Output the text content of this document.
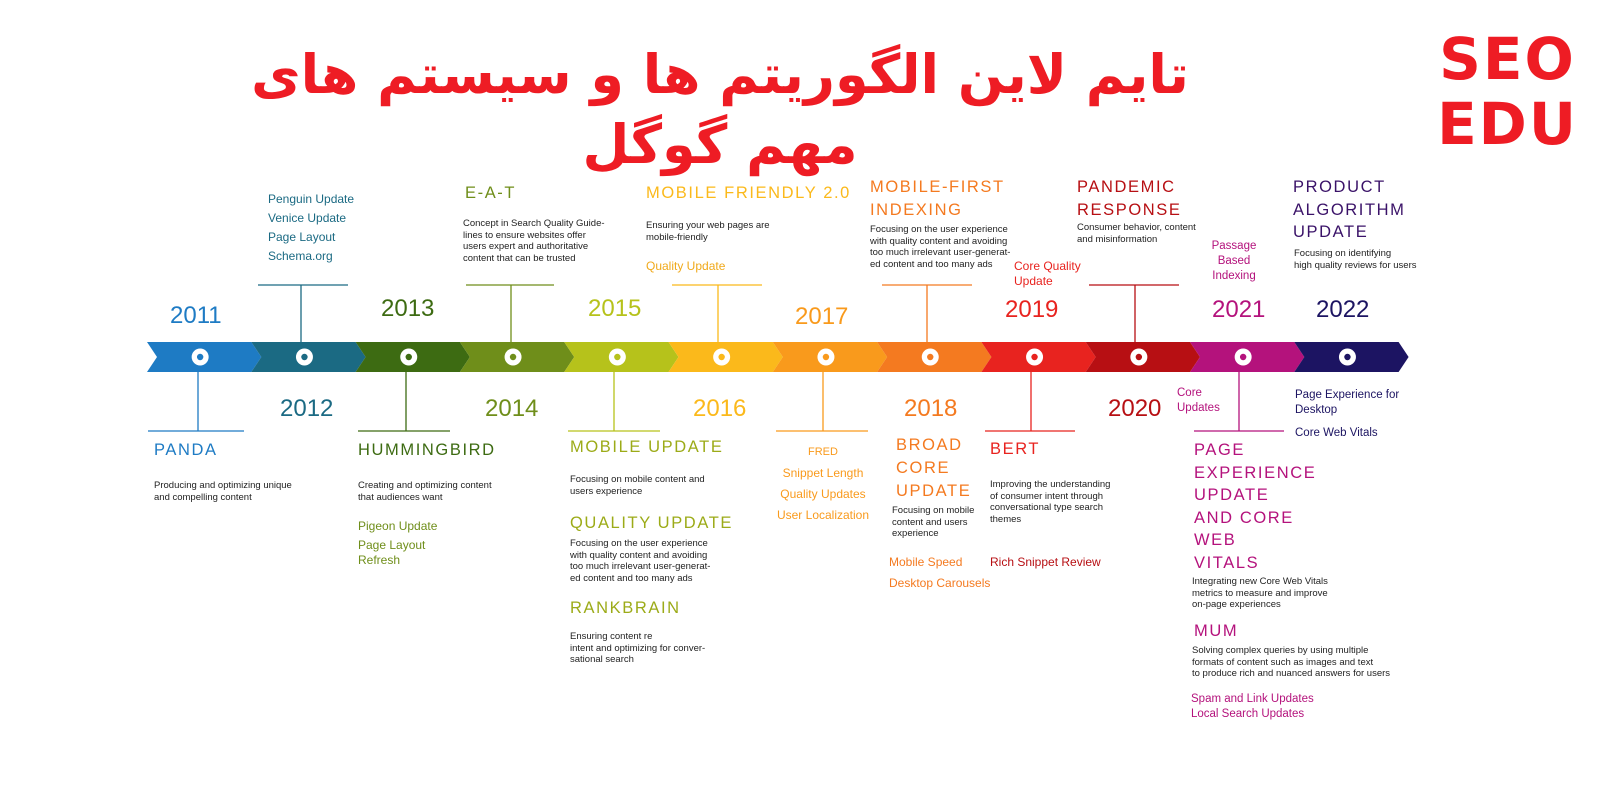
تایم لاین الگوریتم ها و سیستم های مهم گوگل
SEO
EDU
2011
PANDA
Producing and optimizing unique
and compelling content
Penguin Update
Venice Update
Page Layout
Schema.org
2012
2013
HUMMINGBIRD
Creating and optimizing content
that audiences want
Pigeon Update
Page Layout
Refresh
E-A-T
Concept in Search Quality Guide-
lines to ensure websites offer
users expert and authoritative
content that can be trusted
2014
2015
MOBILE UPDATE
Focusing on mobile content and
users experience
QUALITY UPDATE
Focusing on the user experience
with quality content and avoiding
too much irrelevant user-generat-
ed content and too many ads
RANKBRAIN
Ensuring content re
intent and optimizing for conver-
sational search
MOBILE FRIENDLY 2.0
Ensuring your web pages are
mobile-friendly
Quality Update
2016
2017
FRED
Snippet Length
Quality Updates
User Localization
MOBILE-FIRST
INDEXING
Focusing on the user experience
with quality content and avoiding
too much irrelevant user-generat-
ed content and too many ads
2018
BROAD
CORE
UPDATE
Focusing on mobile
content and users
experience
Mobile Speed
Desktop Carousels
Core Quality
Update
2019
BERT
Improving the understanding
of consumer intent through
conversational type search
themes
Rich Snippet Review
PANDEMIC
RESPONSE
Consumer behavior, content
and misinformation
2020
Passage
Based
Indexing
2021
Core
Updates
PAGE
EXPERIENCE
UPDATE
AND CORE
WEB
VITALS
Integrating new Core Web Vitals
metrics to measure and improve
on-page experiences
MUM
Solving complex queries by using multiple
formats of content such as images and text
to produce rich and nuanced answers for users
Spam and Link Updates
Local Search Updates
PRODUCT
ALGORITHM
UPDATE
Focusing on identifying
high quality reviews for users
2022
Page Experience for
Desktop
Core Web Vitals
